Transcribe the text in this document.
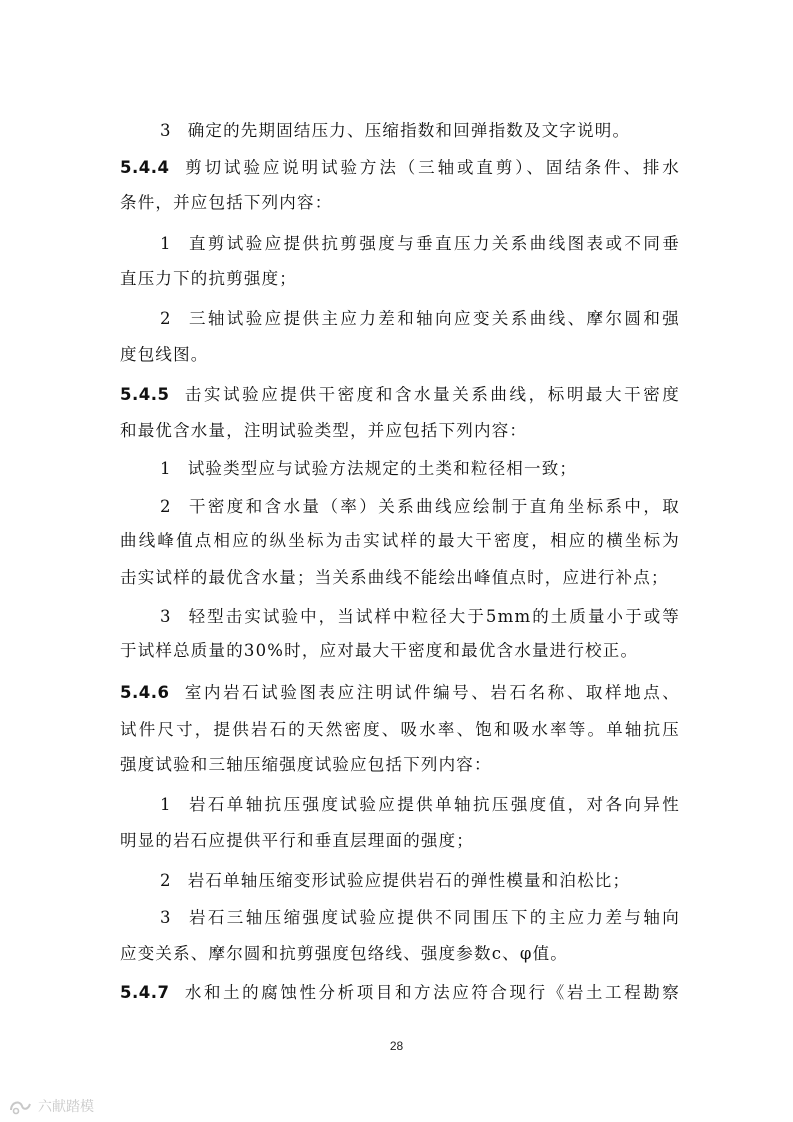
3 确定的先期固结压力、压缩指数和回弹指数及文字说明。
5.4.4 剪切试验应说明试验方法（三轴或直剪）、固结条件、排水
条件，并应包括下列内容：
1 直剪试验应提供抗剪强度与垂直压力关系曲线图表或不同垂
直压力下的抗剪强度；
2 三轴试验应提供主应力差和轴向应变关系曲线、摩尔圆和强
度包线图。
5.4.5 击实试验应提供干密度和含水量关系曲线，标明最大干密度
和最优含水量，注明试验类型，并应包括下列内容：
1 试验类型应与试验方法规定的土类和粒径相一致；
2 干密度和含水量（率）关系曲线应绘制于直角坐标系中，取
曲线峰值点相应的纵坐标为击实试样的最大干密度，相应的横坐标为
击实试样的最优含水量；当关系曲线不能绘出峰值点时，应进行补点；
3 轻型击实试验中，当试样中粒径大于5mm的土质量小于或等
于试样总质量的30%时，应对最大干密度和最优含水量进行校正。
5.4.6 室内岩石试验图表应注明试件编号、岩石名称、取样地点、
试件尺寸，提供岩石的天然密度、吸水率、饱和吸水率等。单轴抗压
强度试验和三轴压缩强度试验应包括下列内容：
1 岩石单轴抗压强度试验应提供单轴抗压强度值，对各向异性
明显的岩石应提供平行和垂直层理面的强度；
2 岩石单轴压缩变形试验应提供岩石的弹性模量和泊松比；
3 岩石三轴压缩强度试验应提供不同围压下的主应力差与轴向
应变关系、摩尔圆和抗剪强度包络线、强度参数c、φ值。
5.4.7 水和土的腐蚀性分析项目和方法应符合现行《岩土工程勘察
28
六献踏模
